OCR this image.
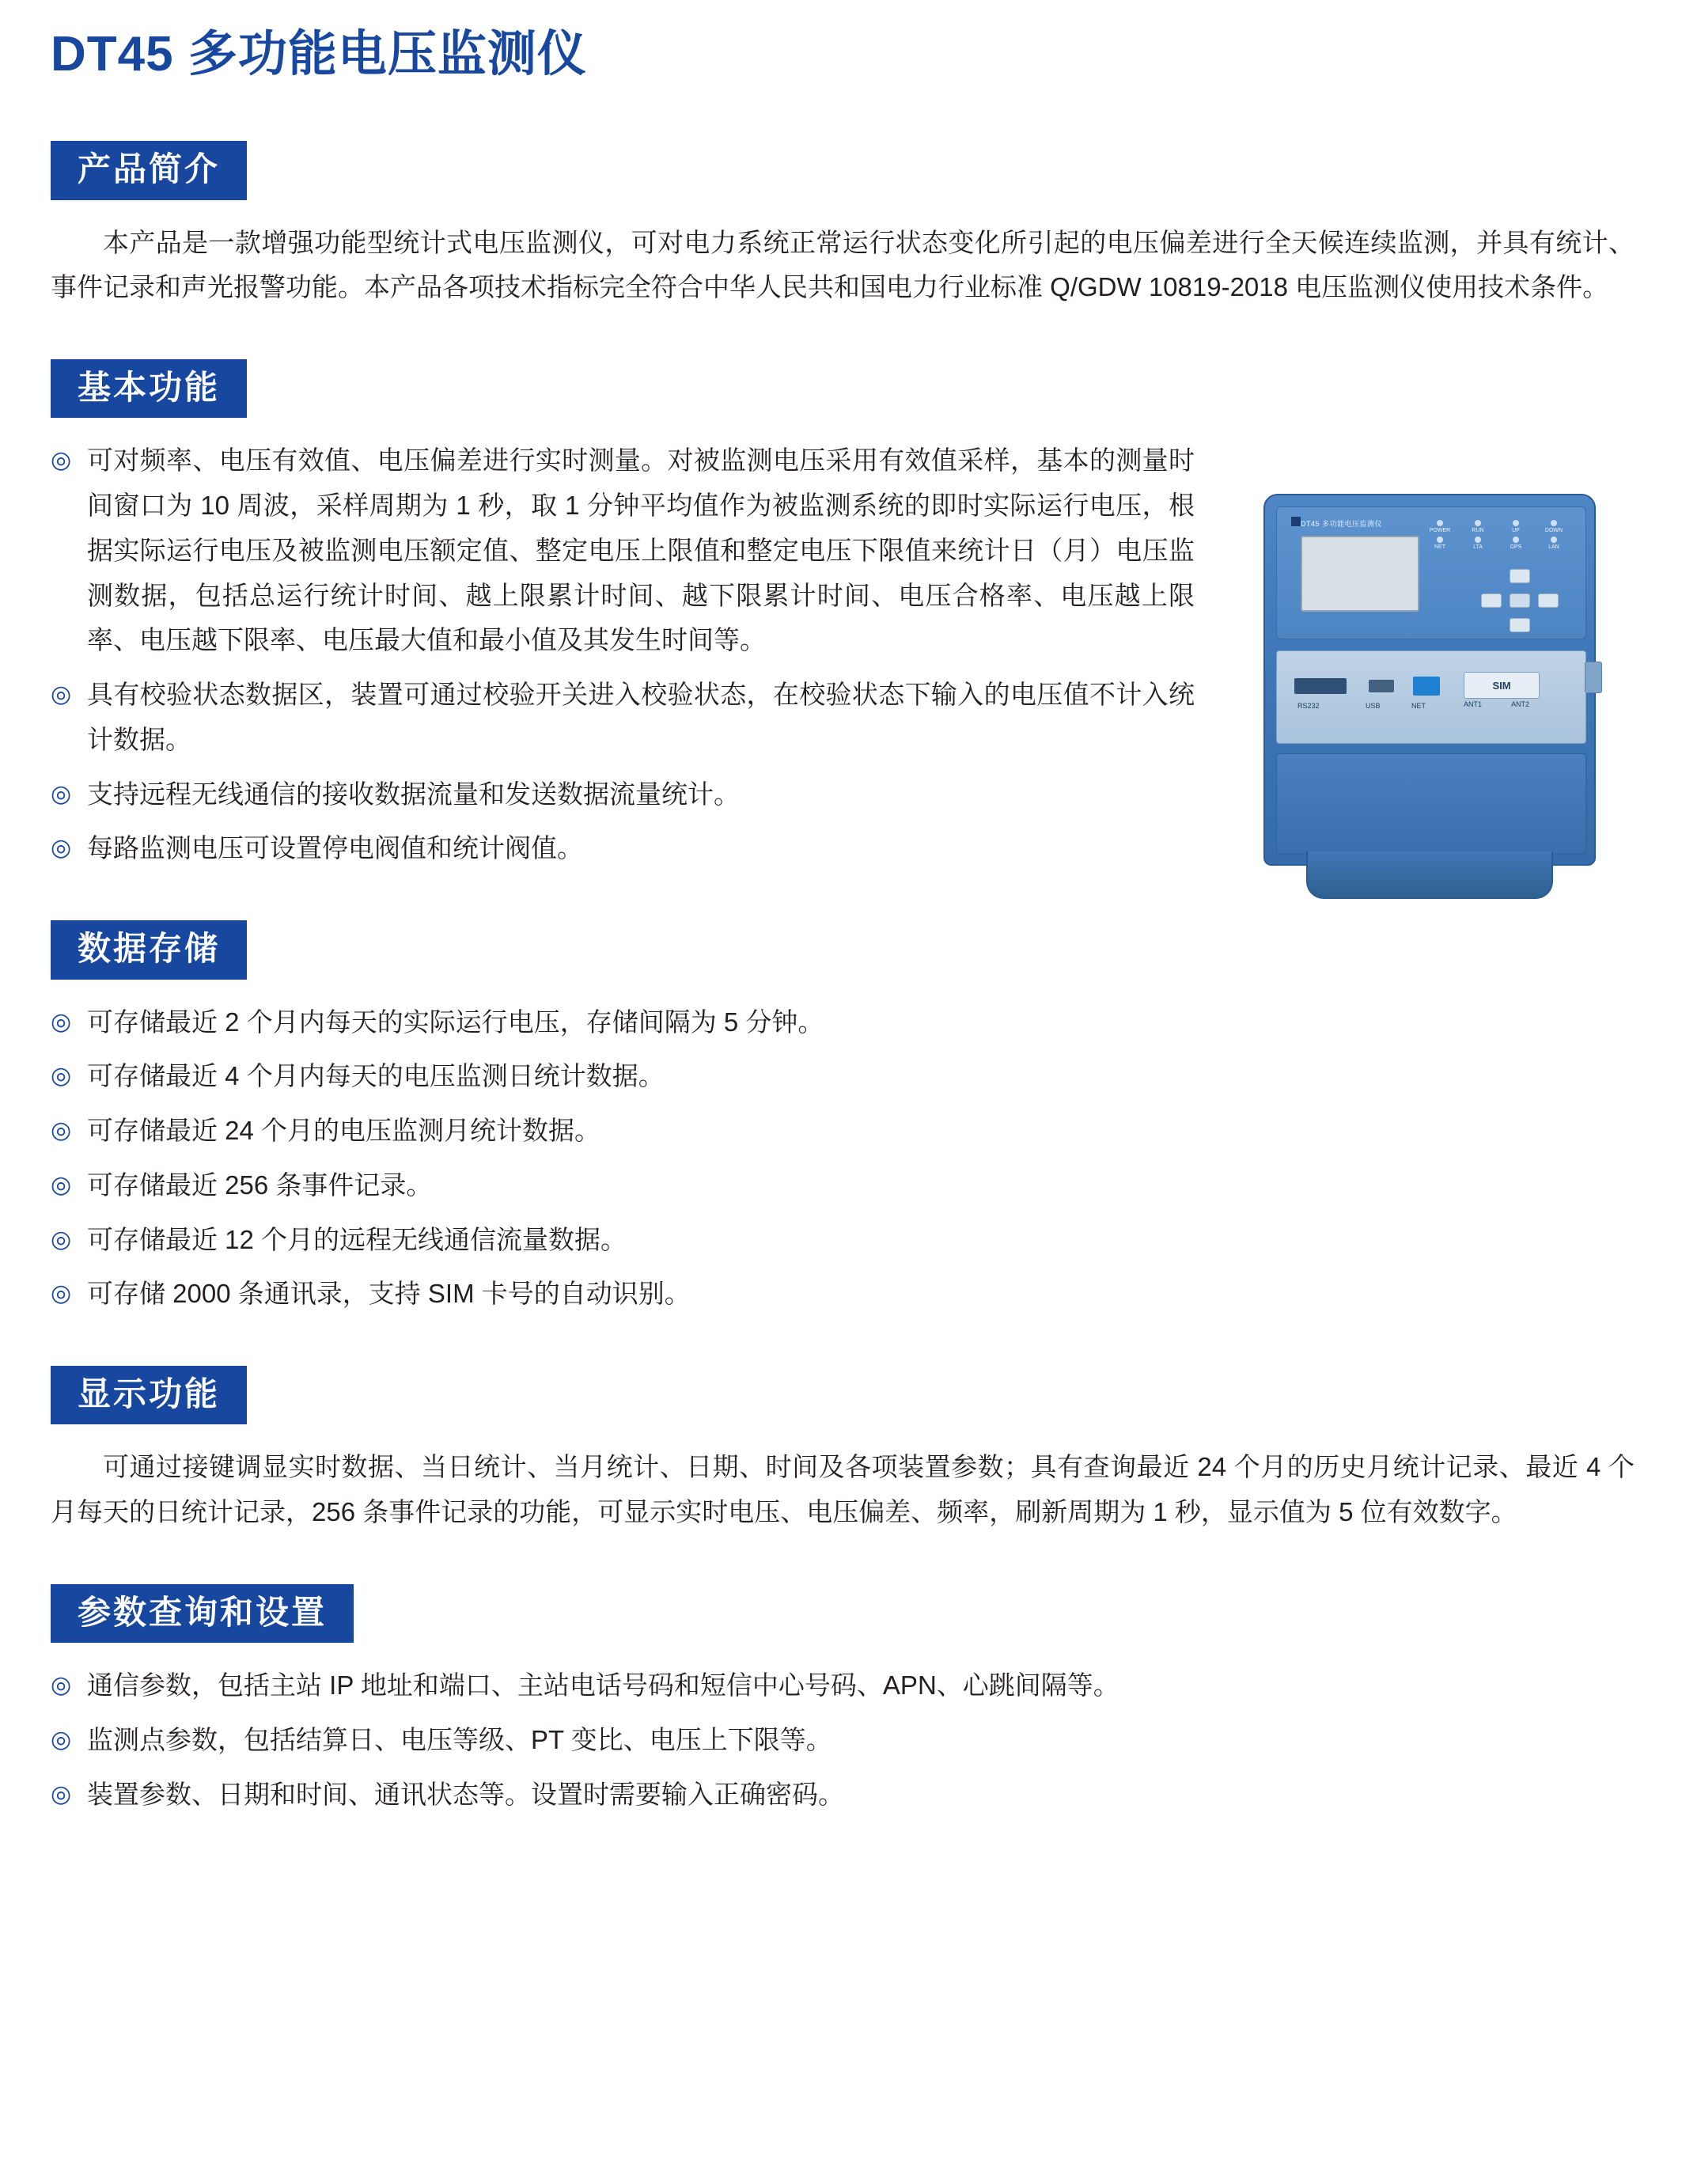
DT45 多功能电压监测仪
产品简介

本产品是一款增强功能型统计式电压监测仪，可对电力系统正常运行状态变化所引起的电压偏差进行全天候连续监测，并具有统计、事件记录和声光报警功能。本产品各项技术指标完全符合中华人民共和国电力行业标准 Q/GDW 10819-2018 电压监测仪使用技术条件。

基本功能
◎ 可对频率、电压有效值、电压偏差进行实时测量。对被监测电压采用有效值采样，基本的测量时间窗口为 10 周波，采样周期为 1 秒，取 1 分钟平均值作为被监测系统的即时实际运行电压，根据实际运行电压及被监测电压额定值、整定电压上限值和整定电压下限值来统计日（月）电压监测数据，包括总运行统计时间、越上限累计时间、越下限累计时间、电压合格率、电压越上限率、电压越下限率、电压最大值和最小值及其发生时间等。
◎ 具有校验状态数据区，装置可通过校验开关进入校验状态，在校验状态下输入的电压值不计入统计数据。
◎ 支持远程无线通信的接收数据流量和发送数据流量统计。
◎ 每路监测电压可设置停电阀值和统计阀值。
DT45 多功能电压监测仪
POWER	RUN	UP	DOWN
NET	LTA	GPS	LAN
SIM
RS232	USB	NET	ANT1	ANT2
数据存储
◎ 可存储最近 2 个月内每天的实际运行电压，存储间隔为 5 分钟。
◎ 可存储最近 4 个月内每天的电压监测日统计数据。
◎ 可存储最近 24 个月的电压监测月统计数据。
◎ 可存储最近 256 条事件记录。
◎ 可存储最近 12 个月的远程无线通信流量数据。
◎ 可存储 2000 条通讯录，支持 SIM 卡号的自动识别。
显示功能

可通过接键调显实时数据、当日统计、当月统计、日期、时间及各项装置参数；具有查询最近 24 个月的历史月统计记录、最近 4 个月每天的日统计记录，256 条事件记录的功能，可显示实时电压、电压偏差、频率，刷新周期为 1 秒，显示值为 5 位有效数字。

参数查询和设置
◎ 通信参数，包括主站 IP 地址和端口、主站电话号码和短信中心号码、APN、心跳间隔等。
◎ 监测点参数，包括结算日、电压等级、PT 变比、电压上下限等。
◎ 装置参数、日期和时间、通讯状态等。设置时需要输入正确密码。
